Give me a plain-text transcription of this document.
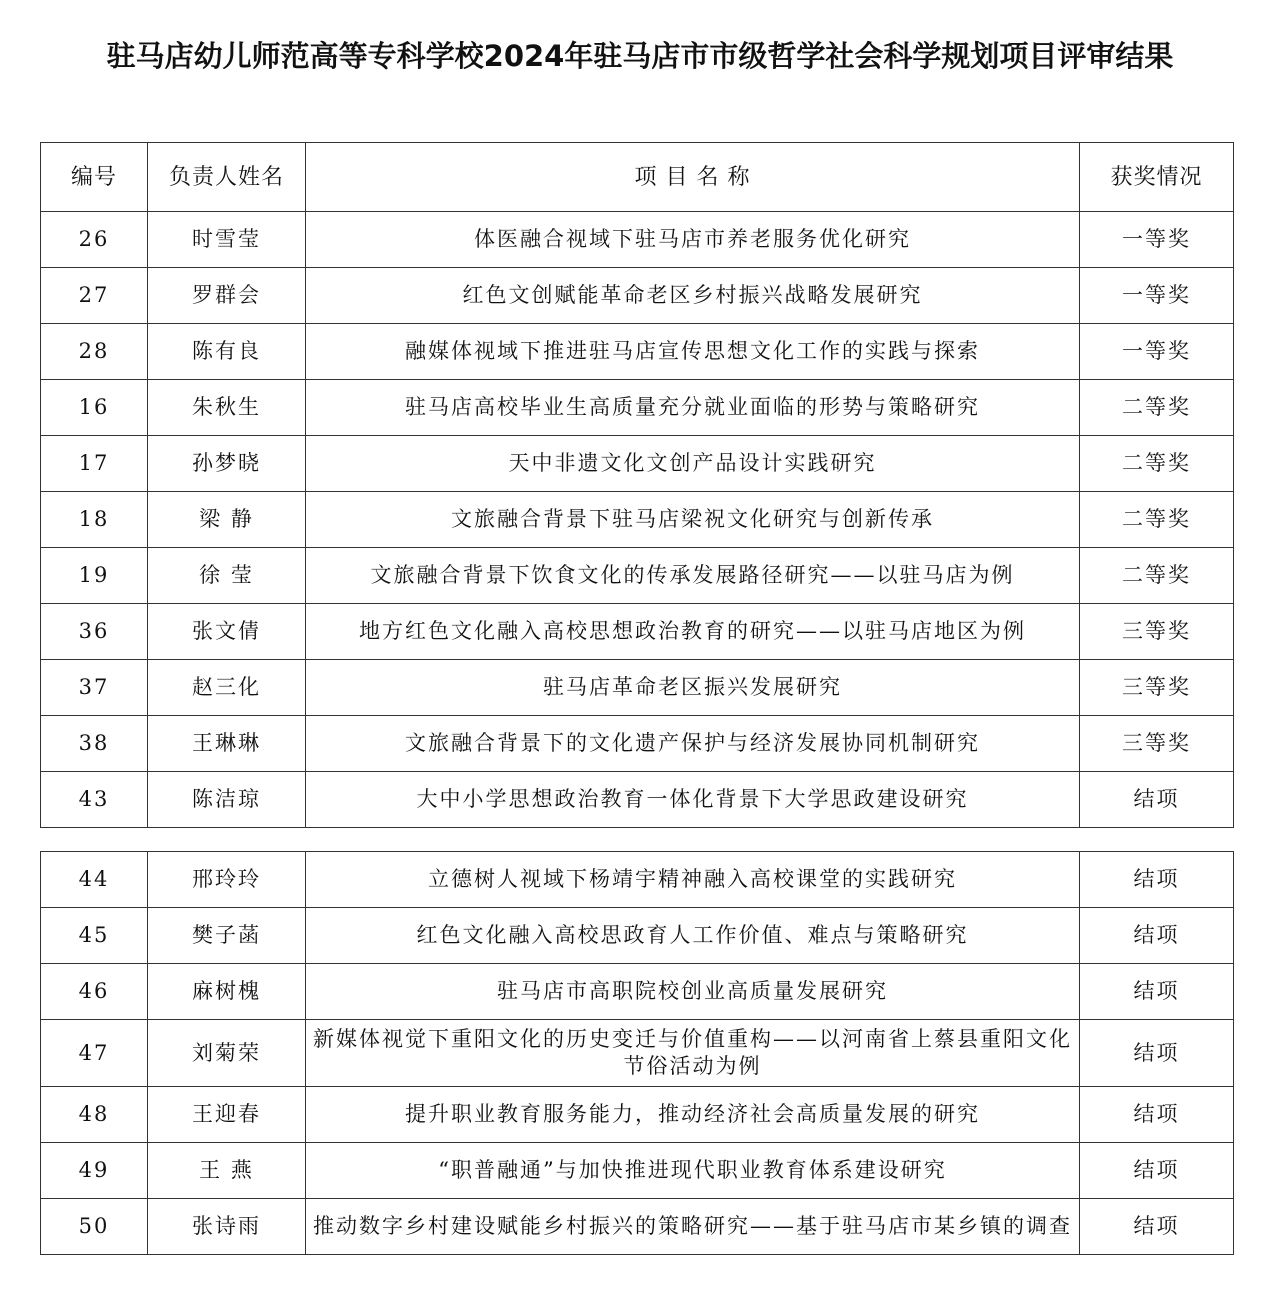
驻马店幼儿师范高等专科学校2024年驻马店市市级哲学社会科学规划项目评审结果
编号	负责人姓名	项 目 名 称	获奖情况
26	时雪莹	体医融合视域下驻马店市养老服务优化研究	一等奖
27	罗群会	红色文创赋能革命老区乡村振兴战略发展研究	一等奖
28	陈有良	融媒体视域下推进驻马店宣传思想文化工作的实践与探索	一等奖
16	朱秋生	驻马店高校毕业生高质量充分就业面临的形势与策略研究	二等奖
17	孙梦晓	天中非遗文化文创产品设计实践研究	二等奖
18	梁 静	文旅融合背景下驻马店梁祝文化研究与创新传承	二等奖
19	徐 莹	文旅融合背景下饮食文化的传承发展路径研究——以驻马店为例	二等奖
36	张文倩	地方红色文化融入高校思想政治教育的研究——以驻马店地区为例	三等奖
37	赵三化	驻马店革命老区振兴发展研究	三等奖
38	王琳琳	文旅融合背景下的文化遗产保护与经济发展协同机制研究	三等奖
43	陈洁琼	大中小学思想政治教育一体化背景下大学思政建设研究	结项
44	邢玲玲	立德树人视域下杨靖宇精神融入高校课堂的实践研究	结项
45	樊子菡	红色文化融入高校思政育人工作价值、难点与策略研究	结项
46	麻树槐	驻马店市高职院校创业高质量发展研究	结项
47	刘菊荣	新媒体视觉下重阳文化的历史变迁与价值重构——以河南省上蔡县重阳文化节俗活动为例	结项
48	王迎春	提升职业教育服务能力，推动经济社会高质量发展的研究	结项
49	王 燕	“职普融通”与加快推进现代职业教育体系建设研究	结项
50	张诗雨	推动数字乡村建设赋能乡村振兴的策略研究——基于驻马店市某乡镇的调查	结项
